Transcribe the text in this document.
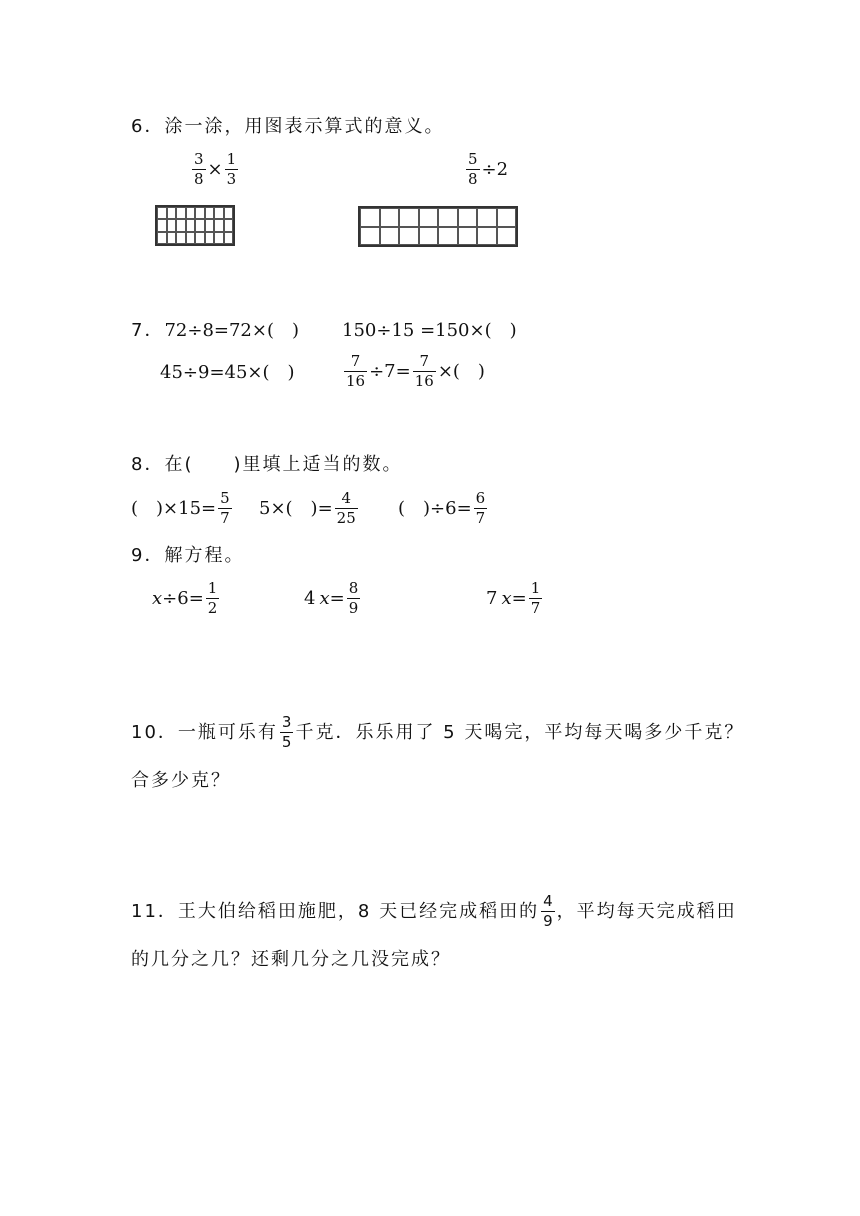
6．涂一涂，用图表示算式的意义。
$\frac{3}{8} \times \frac{1}{3}$	$\frac{5}{8} \div 2$
7． 72÷8=72×(　) 150÷15 =150×(　)
45÷9=45×(　)	$\frac{7}{16} \div 7= \frac{7}{16}$ ×(　)
8．在(　　)里填上适当的数。
(　)$\times 15= \frac{5}{7} 5\times$(　)= $\frac{4}{25}$ (　)$\div 6= \frac{6}{7}$
9．解方程。
$x \div 6= \frac{1}{2}$	4 $x = \frac{8}{9}$	7 $x = \frac{1}{7}$
10．一瓶可乐有 $\frac{3}{5}$ 千克．乐乐用了 5 天喝完，平均每天喝多少千克？
合多少克？
11．王大伯给稻田施肥，8 天已经完成稻田的 $\frac{4}{9}$ ，平均每天完成稻田
的几分之几？还剩几分之几没完成？
